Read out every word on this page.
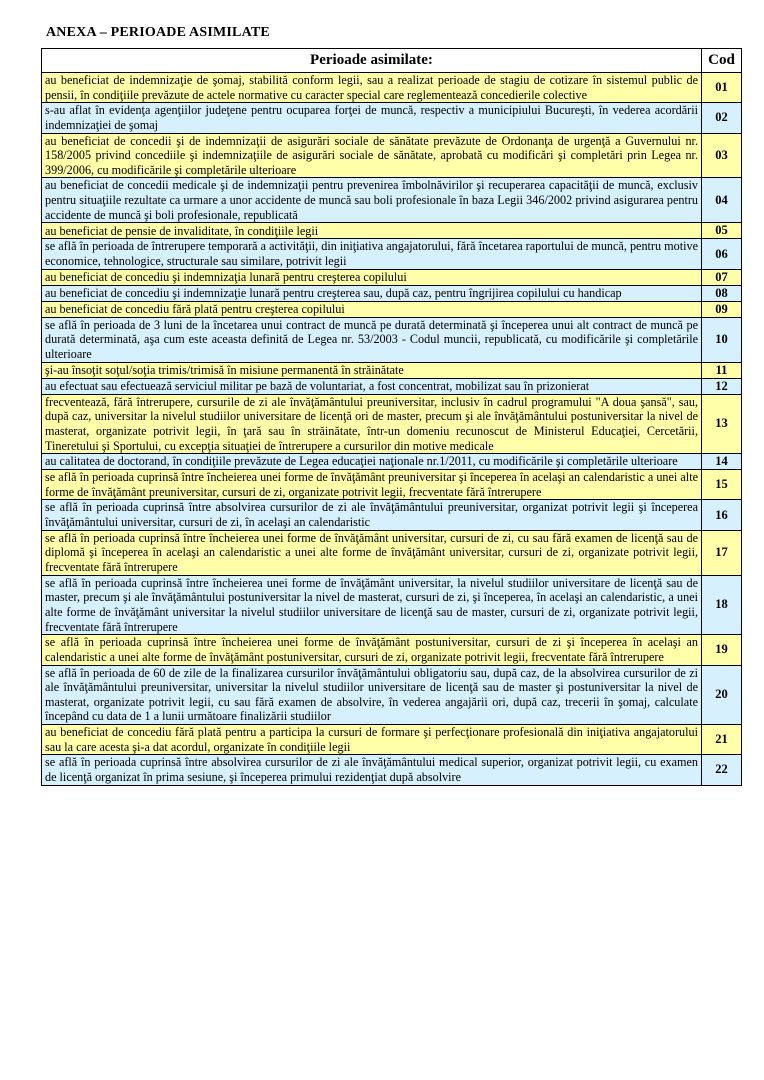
ANEXA – PERIOADE ASIMILATE
Perioade asimilate:	Cod
au beneficiat de indemnizaţie de şomaj, stabilită conform legii, sau a realizat perioade de stagiu de cotizare în sistemul public de pensii, în condiţiile prevăzute de actele normative cu caracter special care reglementează concedierile colective	01
s-au aflat în evidenţa agenţiilor judeţene pentru ocuparea forţei de muncă, respectiv a municipiului Bucureşti, în vederea acordării indemnizaţiei de şomaj	02
au beneficiat de concedii şi de indemnizaţii de asigurări sociale de sănătate prevăzute de Ordonanţa de urgenţă a Guvernului nr. 158/2005 privind concediile şi indemnizaţiile de asigurări sociale de sănătate, aprobată cu modificări şi completări prin Legea nr. 399/2006, cu modificările şi completările ulterioare	03
au beneficiat de concedii medicale şi de indemnizaţii pentru prevenirea îmbolnăvirilor şi recuperarea capacităţii de muncă, exclusiv pentru situaţiile rezultate ca urmare a unor accidente de muncă sau boli profesionale în baza Legii 346/2002 privind asigurarea pentru accidente de muncă şi boli profesionale, republicată	04
au beneficiat de pensie de invaliditate, în condiţiile legii	05
se află în perioada de întrerupere temporară a activităţii, din iniţiativa angajatorului, fără încetarea raportului de muncă, pentru motive economice, tehnologice, structurale sau similare, potrivit legii	06
au beneficiat de concediu şi indemnizaţia lunară pentru creşterea copilului	07
au beneficiat de concediu şi indemnizaţie lunară pentru creşterea sau, după caz, pentru îngrijirea copilului cu handicap	08
au beneficiat de concediu fără plată pentru creşterea copilului	09
se află în perioada de 3 luni de la încetarea unui contract de muncă pe durată determinată şi începerea unui alt contract de muncă pe durată determinată, aşa cum este aceasta definită de Legea nr. 53/2003 - Codul muncii, republicată, cu modificările şi completările ulterioare	10
şi-au însoţit soţul/soţia trimis/trimisă în misiune permanentă în străinătate	11
au efectuat sau efectuează serviciul militar pe bază de voluntariat, a fost concentrat, mobilizat sau în prizonierat	12
frecventează, fără întrerupere, cursurile de zi ale învăţământului preuniversitar, inclusiv în cadrul programului "A doua şansă", sau, după caz, universitar la nivelul studiilor universitare de licenţă ori de master, precum şi ale învăţământului postuniversitar la nivel de masterat, organizate potrivit legii, în ţară sau în străinătate, într-un domeniu recunoscut de Ministerul Educaţiei, Cercetării, Tineretului şi Sportului, cu excepţia situaţiei de întrerupere a cursurilor din motive medicale	13
au calitatea de doctorand, în condiţiile prevăzute de Legea educaţiei naţionale nr.1/2011, cu modificările şi completările ulterioare	14
se află în perioada cuprinsă între încheierea unei forme de învăţământ preuniversitar şi începerea în acelaşi an calendaristic a unei alte forme de învăţământ preuniversitar, cursuri de zi, organizate potrivit legii, frecventate fără întrerupere	15
se află în perioada cuprinsă între absolvirea cursurilor de zi ale învăţământului preuniversitar, organizat potrivit legii şi începerea învăţământului universitar, cursuri de zi, în acelaşi an calendaristic	16
se află în perioada cuprinsă între încheierea unei forme de învăţământ universitar, cursuri de zi, cu sau fără examen de licenţă sau de diplomă şi începerea în acelaşi an calendaristic a unei alte forme de învăţământ universitar, cursuri de zi, organizate potrivit legii, frecventate fără întrerupere	17
se află în perioada cuprinsă între încheierea unei forme de învăţământ universitar, la nivelul studiilor universitare de licenţă sau de master, precum şi ale învăţământului postuniversitar la nivel de masterat, cursuri de zi, şi începerea, în acelaşi an calendaristic, a unei alte forme de învăţământ universitar la nivelul studiilor universitare de licenţă sau de master, cursuri de zi, organizate potrivit legii, frecventate fără întrerupere	18
se află în perioada cuprinsă între încheierea unei forme de învăţământ postuniversitar, cursuri de zi şi începerea în acelaşi an calendaristic a unei alte forme de învăţământ postuniversitar, cursuri de zi, organizate potrivit legii, frecventate fără întrerupere	19
se află în perioada de 60 de zile de la finalizarea cursurilor învăţământului obligatoriu sau, după caz, de la absolvirea cursurilor de zi ale învăţământului preuniversitar, universitar la nivelul studiilor universitare de licenţă sau de master şi postuniversitar la nivel de masterat, organizate potrivit legii, cu sau fără examen de absolvire, în vederea angajării ori, după caz, trecerii în şomaj, calculate începând cu data de 1 a lunii următoare finalizării studiilor	20
au beneficiat de concediu fără plată pentru a participa la cursuri de formare şi perfecţionare profesională din iniţiativa angajatorului sau la care acesta şi-a dat acordul, organizate în condiţiile legii	21
se află în perioada cuprinsă între absolvirea cursurilor de zi ale învăţământului medical superior, organizat potrivit legii, cu examen de licenţă organizat în prima sesiune, şi începerea primului rezidenţiat după absolvire	22
